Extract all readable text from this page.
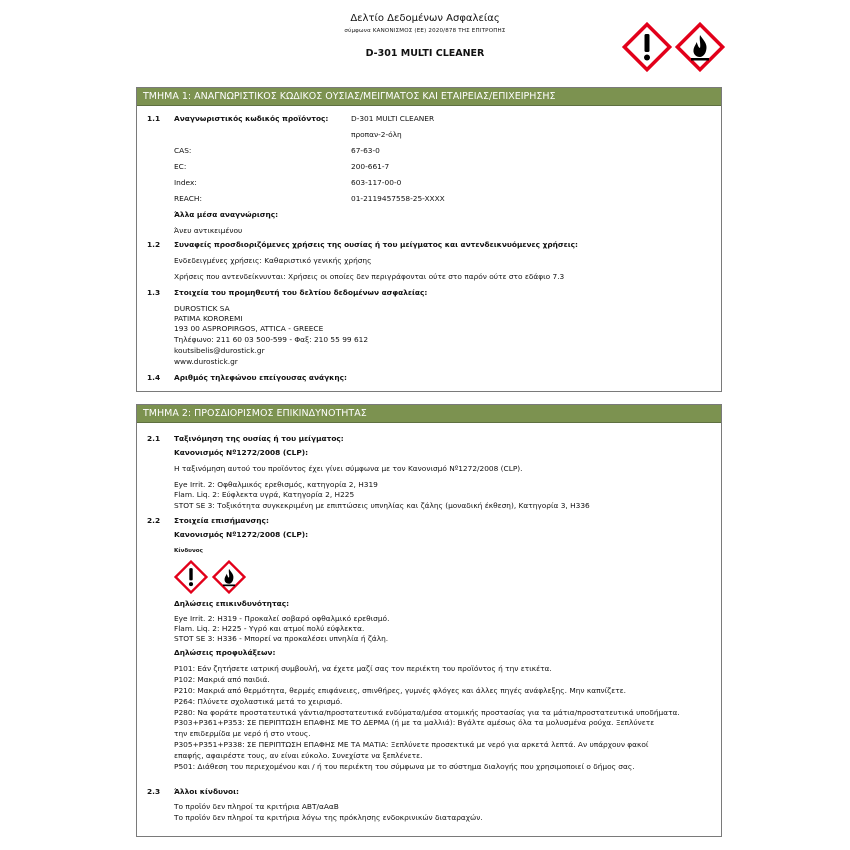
Δελτίο Δεδομένων Ασφαλείας
σύμφωνα ΚΑΝΟΝΙΣΜΟΣ (ΕΕ) 2020/878 ΤΗΣ ΕΠΙΤΡΟΠΗΣ
D-301 MULTI CLEANER
ΤΜΗΜΑ 1: ΑΝΑΓΝΩΡΙΣΤΙΚΟΣ ΚΩΔΙΚΟΣ ΟΥΣΙΑΣ/ΜΕΙΓΜΑΤΟΣ ΚΑΙ ΕΤΑΙΡΕΙΑΣ/ΕΠΙΧΕΙΡΗΣΗΣ
1.1 Αναγνωριστικός κωδικός προϊόντος:	D-301 MULTI CLEANER
προπαν-2-όλη
CAS:	67-63-0
EC:	200-661-7
Index:	603-117-00-0
REACH:	01-2119457558-25-XXXX
Άλλα μέσα αναγνώρισης:
Άνευ αντικειμένου
1.2 Συναφείς προσδιοριζόμενες χρήσεις της ουσίας ή του μείγματος και αντενδεικνυόμενες χρήσεις:
Ενδεδειγμένες χρήσεις: Καθαριστικό γενικής χρήσης
Χρήσεις που αντενδείκνυνται: Χρήσεις οι οποίες δεν περιγράφονται ούτε στο παρόν ούτε στο εδάφιο 7.3
1.3 Στοιχεία του προμηθευτή του δελτίου δεδομένων ασφαλείας:
DUROSTICK SA
PATIMA KOROREMI
193 00 ASPROPIRGOS, ATTICA - GREECE
Τηλέφωνο: 211 60 03 500-599 - Φαξ: 210 55 99 612
koutsibelis@durostick.gr
www.durostick.gr
1.4 Αριθμός τηλεφώνου επείγουσας ανάγκης:
ΤΜΗΜΑ 2: ΠΡΟΣΔΙΟΡΙΣΜΟΣ ΕΠΙΚΙΝΔΥΝΟΤΗΤΑΣ
2.1 Ταξινόμηση της ουσίας ή του μείγματος:
Κανονισμός Nº1272/2008 (CLP):
Η ταξινόμηση αυτού του προϊόντος έχει γίνει σύμφωνα με τον Κανονισμό Nº1272/2008 (CLP).
Eye Irrit. 2: Οφθαλμικός ερεθισμός, κατηγορία 2, H319
Flam. Liq. 2: Εύφλεκτα υγρά, Κατηγορία 2, H225
STOT SE 3: Τοξικότητα συγκεκριμένη με επιπτώσεις υπνηλίας και ζάλης (μοναδική έκθεση), Κατηγορία 3, H336
2.2 Στοιχεία επισήμανσης:
Κανονισμός Nº1272/2008 (CLP):
Κίνδυνος
Δηλώσεις επικινδυνότητας:
Eye Irrit. 2: H319 - Προκαλεί σοβαρό οφθαλμικό ερεθισμό.
Flam. Liq. 2: H225 - Υγρό και ατμοί πολύ εύφλεκτα.
STOT SE 3: H336 - Μπορεί να προκαλέσει υπνηλία ή ζάλη.
Δηλώσεις προφυλάξεων:
P101: Εάν ζητήσετε ιατρική συμβουλή, να έχετε μαζί σας τον περιέκτη του προϊόντος ή την ετικέτα.
P102: Μακριά από παιδιά.
P210: Μακριά από θερμότητα, θερμές επιφάνειες, σπινθήρες, γυμνές φλόγες και άλλες πηγές ανάφλεξης. Μην καπνίζετε.
P264: Πλύνετε σχολαστικά μετά το χειρισμό.
P280: Να φοράτε προστατευτικά γάντια/προστατευτικά ενδύματα/μέσα ατομικής προστασίας για τα μάτια/προστατευτικά υποδήματα.
P303+P361+P353: ΣΕ ΠΕΡΙΠΤΩΣΗ ΕΠΑΦΗΣ ΜΕ ΤΟ ΔΕΡΜΑ (ή με τα μαλλιά): Βγάλτε αμέσως όλα τα μολυσμένα ρούχα. Ξεπλύνετε
την επιδερμίδα με νερό ή στο ντους.
P305+P351+P338: ΣΕ ΠΕΡΙΠΤΩΣΗ ΕΠΑΦΗΣ ΜΕ ΤΑ ΜΑΤΙΑ: Ξεπλύνετε προσεκτικά με νερό για αρκετά λεπτά. Αν υπάρχουν φακοί
επαφής, αφαιρέστε τους, αν είναι εύκολο. Συνεχίστε να ξεπλένετε.
P501: Διάθεση του περιεχομένου και / ή του περιέκτη του σύμφωνα με το σύστημα διαλογής που χρησιμοποιεί ο δήμος σας.
2.3 Άλλοι κίνδυνοι:
Το προϊόν δεν πληροί τα κριτήρια ΑΒΤ/αΑαΒ
Το προϊόν δεν πληροί τα κριτήρια λόγω της πρόκλησης ενδοκρινικών διαταραχών.
